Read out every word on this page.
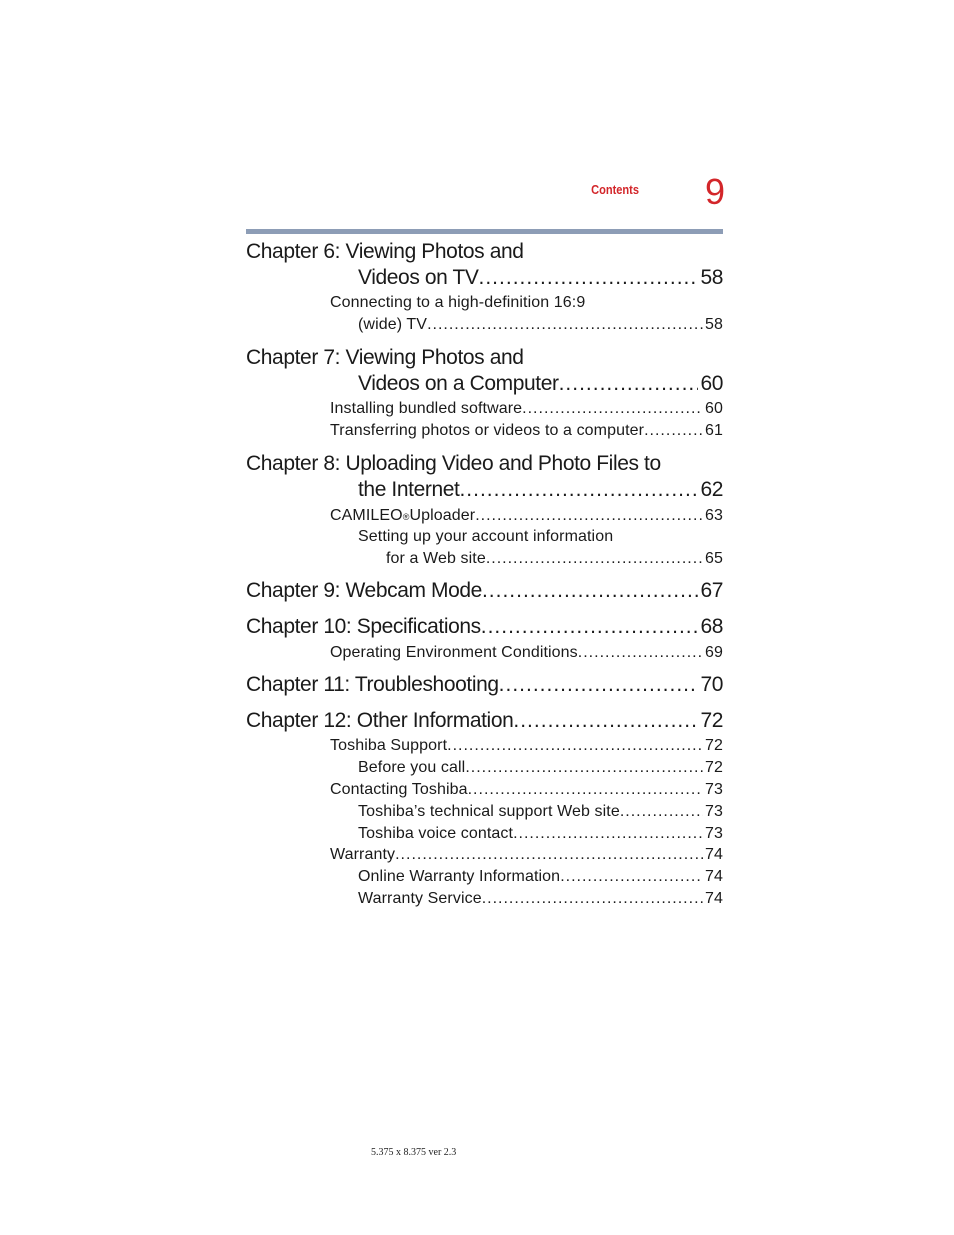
Contents	9
Chapter 6: Viewing Photos and
Videos on TV .....	58
Connecting to a high-definition 16:9
(wide) TV .....	58
Chapter 7: Viewing Photos and
Videos on a Computer .....	60
Installing bundled software .....	60
Transferring photos or videos to a computer .....	61
Chapter 8: Uploading Video and Photo Files to
the Internet .....	62
CAMILEO ® Uploader .....	63
Setting up your account information
for a Web site .....	65
Chapter 9: Webcam Mode .....	67
Chapter 10: Specifications .....	68
Operating Environment Conditions .....	69
Chapter 11: Troubleshooting .....	70
Chapter 12: Other Information .....	72
Toshiba Support .....	72
Before you call .....	72
Contacting Toshiba .....	73
Toshiba’s technical support Web site .....	73
Toshiba voice contact .....	73
Warranty .....	74
Online Warranty Information .....	74
Warranty Service .....	74
5.375 x 8.375 ver 2.3
